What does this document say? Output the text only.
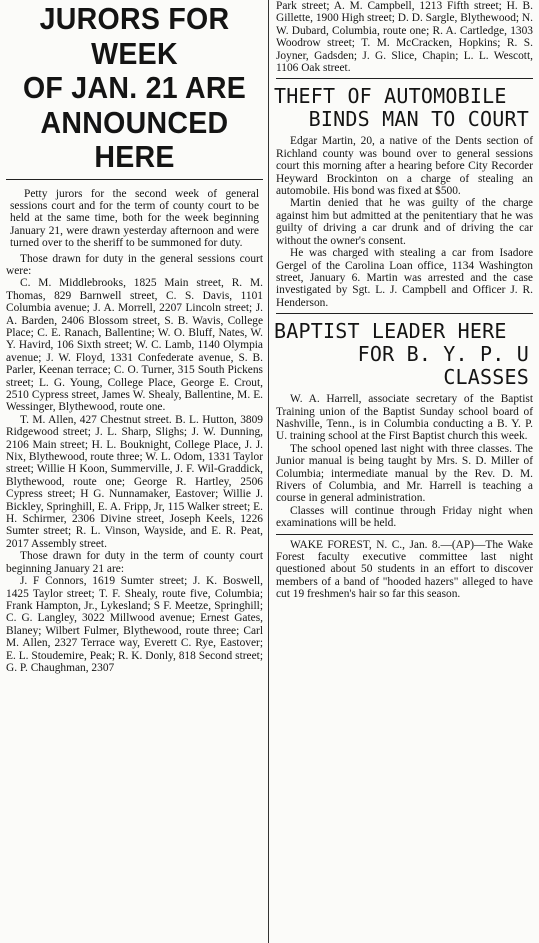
JURORS FOR WEEK
OF JAN. 21 ARE
ANNOUNCED HERE

Petty jurors for the second week of general sessions court and for the term of county court to be held at the same time, both for the week beginning January 21, were drawn yesterday afternoon and were turned over to the sheriff to be summoned for duty.

Those drawn for duty in the general sessions court were:

C. M. Middlebrooks, 1825 Main street, R. M. Thomas, 829 Barnwell street, C. S. Davis, 1101 Columbia avenue; J. A. Morrell, 2207 Lincoln street; J. A. Barden, 2406 Blossom street, S. B. Wavis, College Place; C. E. Ranach, Ballentine; W. O. Bluff, Nates, W. Y. Havird, 106 Sixth street; W. C. Lamb, 1140 Olympia avenue; J. W. Floyd, 1331 Confederate avenue, S. B. Parler, Keenan terrace; C. O. Turner, 315 South Pickens street; L. G. Young, College Place, George E. Crout, 2510 Cypress street, James W. Shealy, Ballentine, M. E. Wessinger, Blythewood, route one.

T. M. Allen, 427 Chestnut street. B. L. Hutton, 3809 Ridgewood street; J. L. Sharp, Slighs; J. W. Dunning, 2106 Main street; H. L. Bouknight, College Place, J. J. Nix, Blythewood, route three; W. L. Odom, 1331 Taylor street; Willie H Koon, Summerville, J. F. Wil-Graddick, Blythewood, route one; George R. Hartley, 2506 Cypress street; H G. Nunnamaker, Eastover; Willie J. Bickley, Springhill, E. A. Fripp, Jr, 115 Walker street; E. H. Schirmer, 2306 Divine street, Joseph Keels, 1226 Sumter street; R. L. Vinson, Wayside, and E. R. Peat, 2017 Assembly street.

Those drawn for duty in the term of county court beginning January 21 are:

J. F Connors, 1619 Sumter street; J. K. Boswell, 1425 Taylor street; T. F. Shealy, route five, Columbia; Frank Hampton, Jr., Lykesland; S F. Meetze, Springhill; C. G. Langley, 3022 Millwood avenue; Ernest Gates, Blaney; Wilbert Fulmer, Blythewood, route three; Carl M. Allen, 2327 Terrace way, Everett C. Rye, Eastover; E. L. Stoudemire, Peak; R. K. Donly, 818 Second street; G. P. Chaughman, 2307

Park street; A. M. Campbell, 1213 Fifth street; H. B. Gillette, 1900 High street; D. D. Sargle, Blythewood; N. W. Dubard, Columbia, route one; R. A. Cartledge, 1303 Woodrow street; T. M. McCracken, Hopkins; R. S. Joyner, Gadsden; J. G. Slice, Chapin; L. L. Wescott, 1106 Oak street.

THEFT OF AUTOMOBILE
BINDS MAN TO COURT

Edgar Martin, 20, a native of the Dents section of Richland county was bound over to general sessions court this morning after a hearing before City Recorder Heyward Brockinton on a charge of stealing an automobile. His bond was fixed at $500.

Martin denied that he was guilty of the charge against him but admitted at the penitentiary that he was guilty of driving a car drunk and of driving the car without the owner's consent.

He was charged with stealing a car from Isadore Gergel of the Carolina Loan office, 1134 Washington street, January 6. Martin was arrested and the case investigated by Sgt. L. J. Campbell and Officer J. R. Henderson.

BAPTIST LEADER HERE
FOR B. Y. P. U CLASSES

W. A. Harrell, associate secretary of the Baptist Training union of the Baptist Sunday school board of Nashville, Tenn., is in Columbia conducting a B. Y. P. U. training school at the First Baptist church this week.

The school opened last night with three classes. The Junior manual is being taught by Mrs. S. D. Miller of Columbia; intermediate manual by the Rev. D. M. Rivers of Columbia, and Mr. Harrell is teaching a course in general administration.

Classes will continue through Friday night when examinations will be held.

WAKE FOREST, N. C., Jan. 8.—(AP)—The Wake Forest faculty executive committee last night questioned about 50 students in an effort to discover members of a band of "hooded hazers" alleged to have cut 19 freshmen's hair so far this season.
